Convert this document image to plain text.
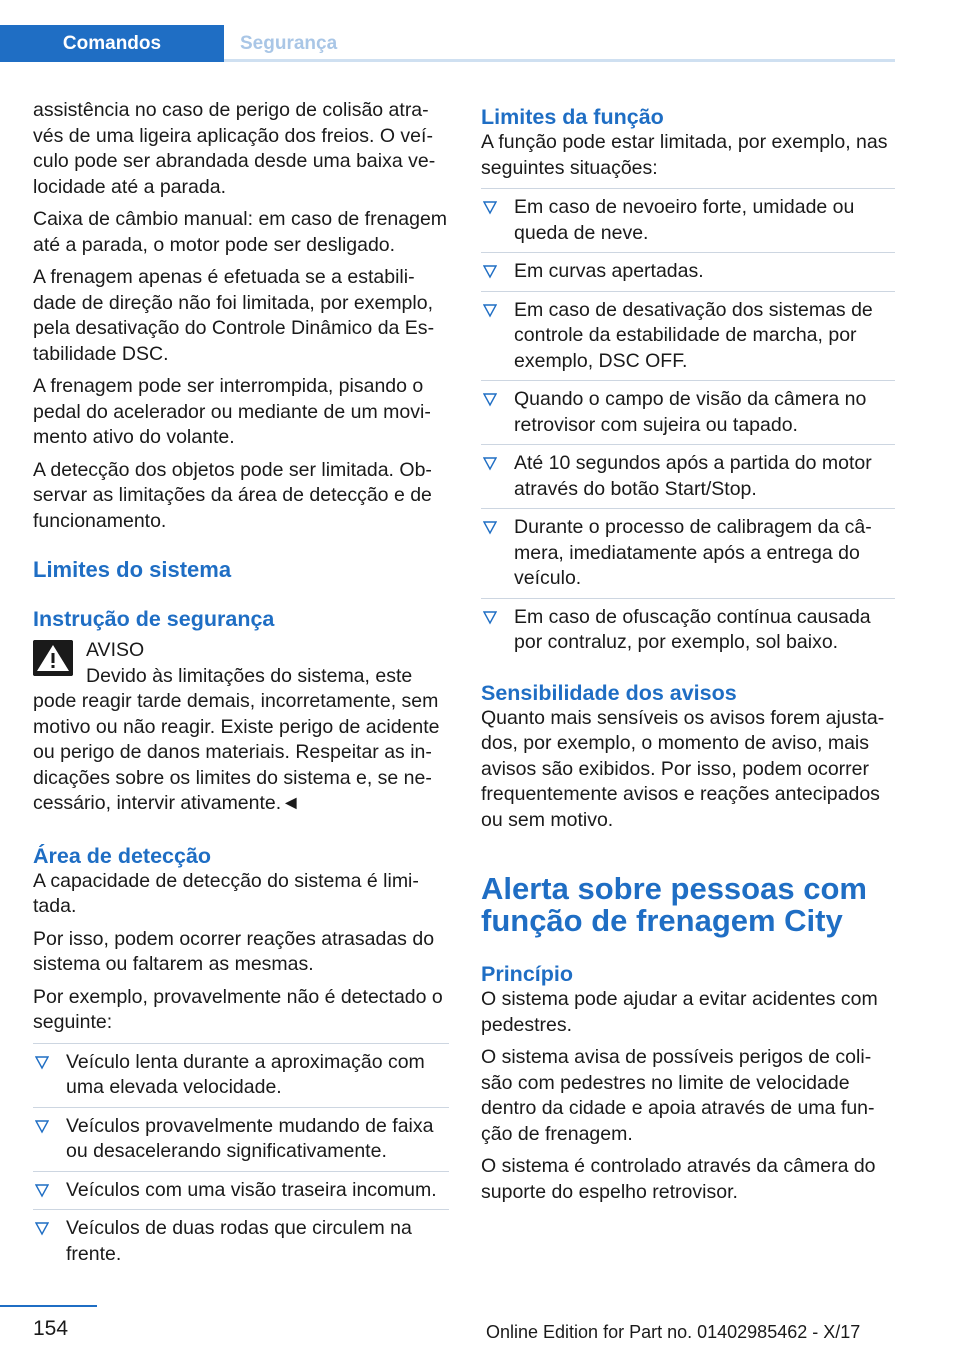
Comandos	Segurança

assistência no caso de perigo de colisão através de uma ligeira aplicação dos freios. O veículo pode ser abrandada desde uma baixa velocidade até a parada.

Caixa de câmbio manual: em caso de frenagem até a parada, o motor pode ser desligado.

A frenagem apenas é efetuada se a estabilidade de direção não foi limitada, por exemplo, pela desativação do Controle Dinâmico da Estabilidade DSC.

A frenagem pode ser interrompida, pisando o pedal do acelerador ou mediante de um movimento ativo do volante.

A detecção dos objetos pode ser limitada. Observar as limitações da área de detecção e de funcionamento.

Limites do sistema
Instrução de segurança

AVISO

Devido às limitações do sistema, este

pode reagir tarde demais, incorretamente, sem motivo ou não reagir. Existe perigo de acidente ou perigo de danos materiais. Respeitar as indicações sobre os limites do sistema e, se necessário, intervir ativamente.◄

Área de detecção

A capacidade de detecção do sistema é limitada.

Por isso, podem ocorrer reações atrasadas do sistema ou faltarem as mesmas.

Por exemplo, provavelmente não é detectado o seguinte:

Veículo lenta durante a aproximação com uma elevada velocidade.
Veículos provavelmente mudando de faixa ou desacelerando significativamente.
Veículos com uma visão traseira incomum.
Veículos de duas rodas que circulem na frente.
Limites da função

A função pode estar limitada, por exemplo, nas seguintes situações:

Em caso de nevoeiro forte, umidade ou queda de neve.
Em curvas apertadas.
Em caso de desativação dos sistemas de controle da estabilidade de marcha, por exemplo, DSC OFF.
Quando o campo de visão da câmera no retrovisor com sujeira ou tapado.
Até 10 segundos após a partida do motor através do botão Start/Stop.
Durante o processo de calibragem da câmera, imediatamente após a entrega do veículo.
Em caso de ofuscação contínua causada por contraluz, por exemplo, sol baixo.
Sensibilidade dos avisos

Quanto mais sensíveis os avisos forem ajustados, por exemplo, o momento de aviso, mais avisos são exibidos. Por isso, podem ocorrer frequentemente avisos e reações antecipados ou sem motivo.

Alerta sobre pessoas com função de frenagem City
Princípio

O sistema pode ajudar a evitar acidentes com pedestres.

O sistema avisa de possíveis perigos de colisão com pedestres no limite de velocidade dentro da cidade e apoia através de uma função de frenagem.

O sistema é controlado através da câmera do suporte do espelho retrovisor.

154	Online Edition for Part no. 01402985462 - X/17
